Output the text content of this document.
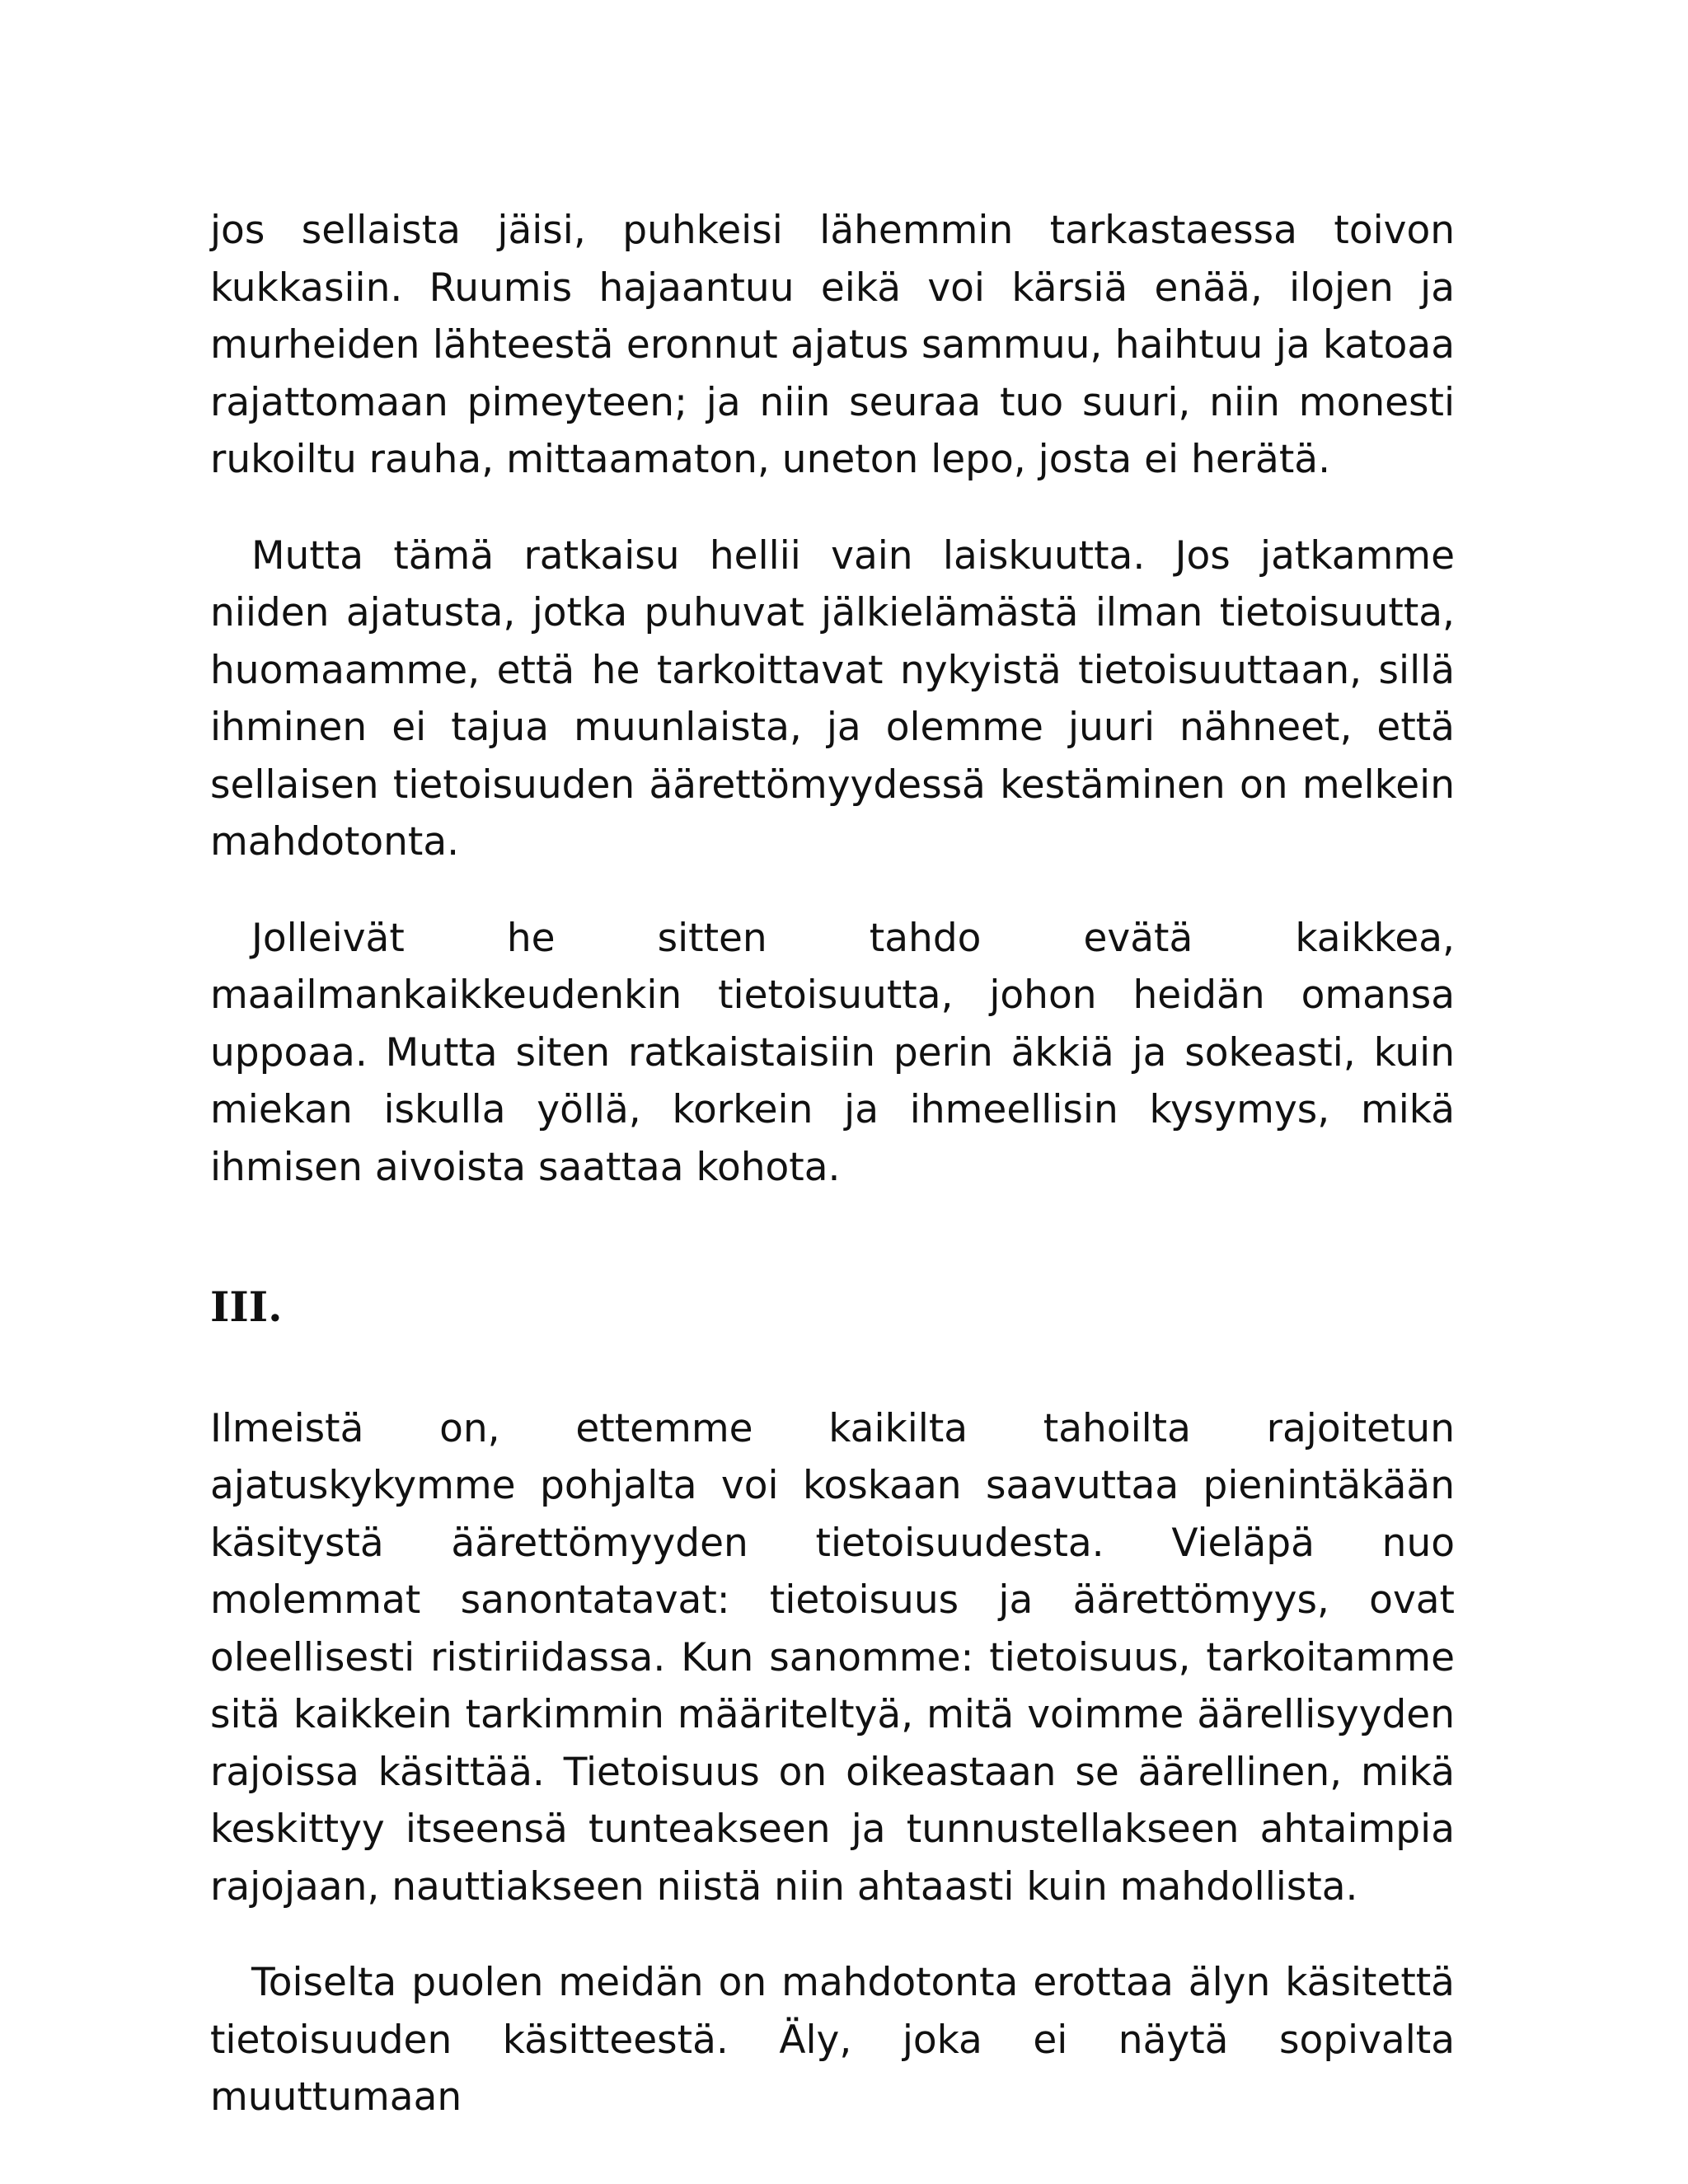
jos sellaista jäisi, puhkeisi lähemmin tarkastaessa toivon kukkasiin. Ruumis hajaantuu eikä voi kärsiä enää, ilojen ja murheiden lähteestä eronnut ajatus sammuu, haihtuu ja katoaa rajattomaan pimeyteen; ja niin seuraa tuo suuri, niin monesti rukoiltu rauha, mittaamaton, uneton lepo, josta ei herätä.

Mutta tämä ratkaisu hellii vain laiskuutta. Jos jatkamme niiden ajatusta, jotka puhuvat jälkielämästä ilman tietoisuutta, huomaamme, että he tarkoittavat nykyistä tietoisuuttaan, sillä ihminen ei tajua muunlaista, ja olemme juuri nähneet, että sellaisen tietoisuuden äärettömyydessä kestäminen on melkein mahdotonta.

Jolleivät he sitten tahdo evätä kaikkea, maailmankaikkeudenkin tietoisuutta, johon heidän omansa uppoaa. Mutta siten ratkaistaisiin perin äkkiä ja sokeasti, kuin miekan iskulla yöllä, korkein ja ihmeellisin kysymys, mikä ihmisen aivoista saattaa kohota.

III.

Ilmeistä on, ettemme kaikilta tahoilta rajoitetun ajatuskykymme pohjalta voi koskaan saavuttaa pienintäkään käsitystä äärettömyyden tietoisuudesta. Vieläpä nuo molemmat sanontatavat: tietoisuus ja äärettömyys, ovat oleellisesti ristiriidassa. Kun sanomme: tietoisuus, tarkoitamme sitä kaikkein tarkimmin määriteltyä, mitä voimme äärellisyyden rajoissa käsittää. Tietoisuus on oikeastaan se äärellinen, mikä keskittyy itseensä tunteakseen ja tunnustellakseen ahtaimpia rajojaan, nauttiakseen niistä niin ahtaasti kuin mahdollista.

Toiselta puolen meidän on mahdotonta erottaa älyn käsitettä tietoisuuden käsitteestä. Äly, joka ei näytä sopivalta muuttumaan
